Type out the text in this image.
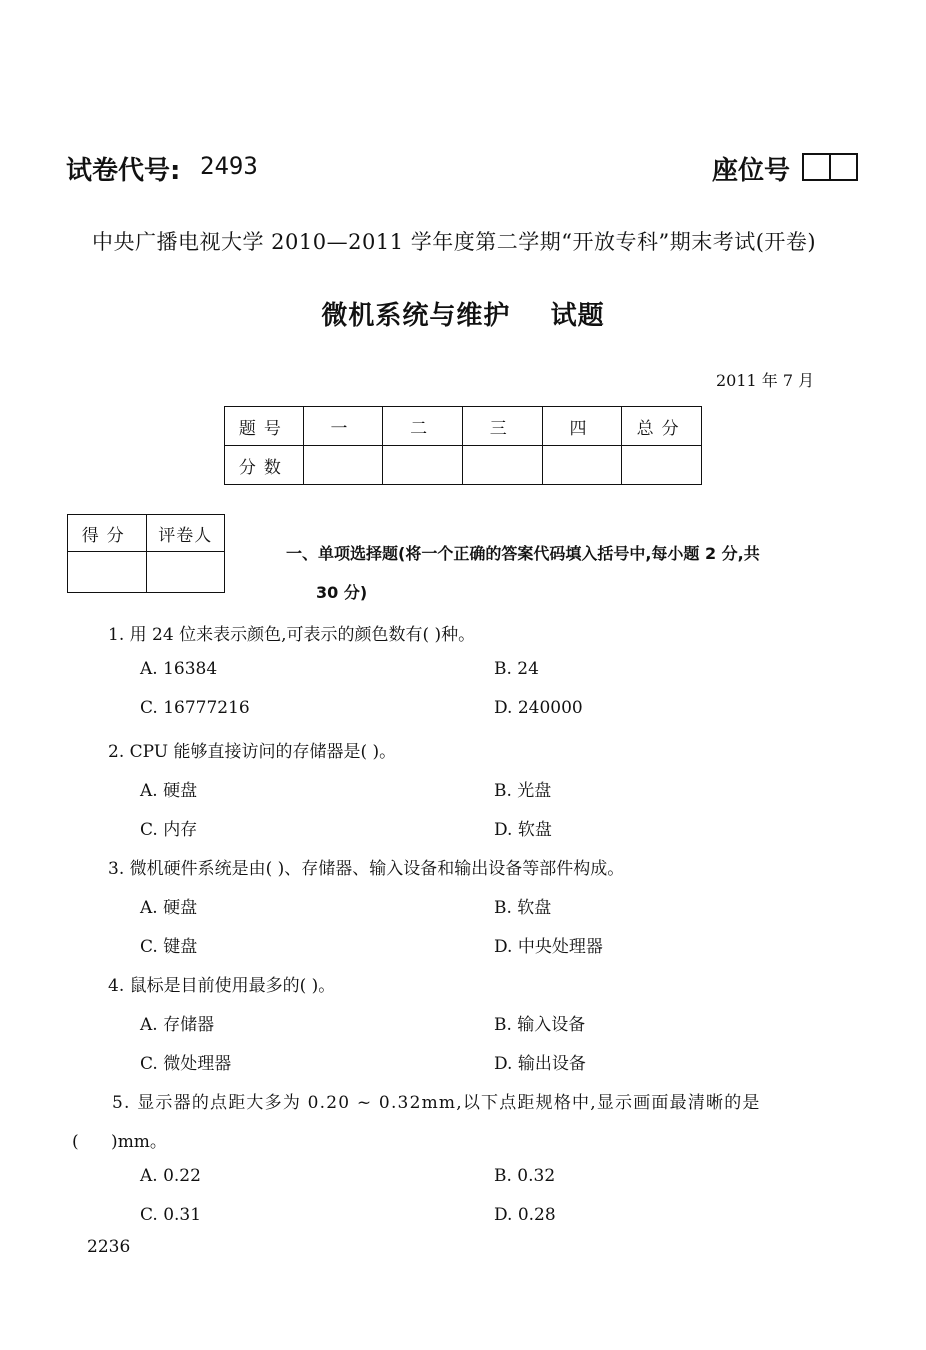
试卷代号: 2493	座位号
中央广播电视大学 2010—2011 学年度第二学期“开放专科”期末考试(开卷)
微机系统与维护    试题
2011 年 7 月
题号	一	二	三	四	总分
分数					
得分	评卷人

一、单项选择题(将一个正确的答案代码填入括号中,每小题 2 分,共
30 分)
1. 用 24 位来表示颜色,可表示的颜色数有( )种。
A. 16384	B. 24
C. 16777216	D. 240000
2. CPU 能够直接访问的存储器是( )。
A. 硬盘	B. 光盘
C. 内存	D. 软盘
3. 微机硬件系统是由( )、存储器、输入设备和输出设备等部件构成。
A. 硬盘	B. 软盘
C. 键盘	D. 中央处理器
4. 鼠标是目前使用最多的( )。
A. 存储器	B. 输入设备
C. 微处理器	D. 输出设备
5. 显示器的点距大多为 0.20 ~ 0.32mm,以下点距规格中,显示画面最清晰的是
(      )mm。
A. 0.22	B. 0.32
C. 0.31	D. 0.28
2236
